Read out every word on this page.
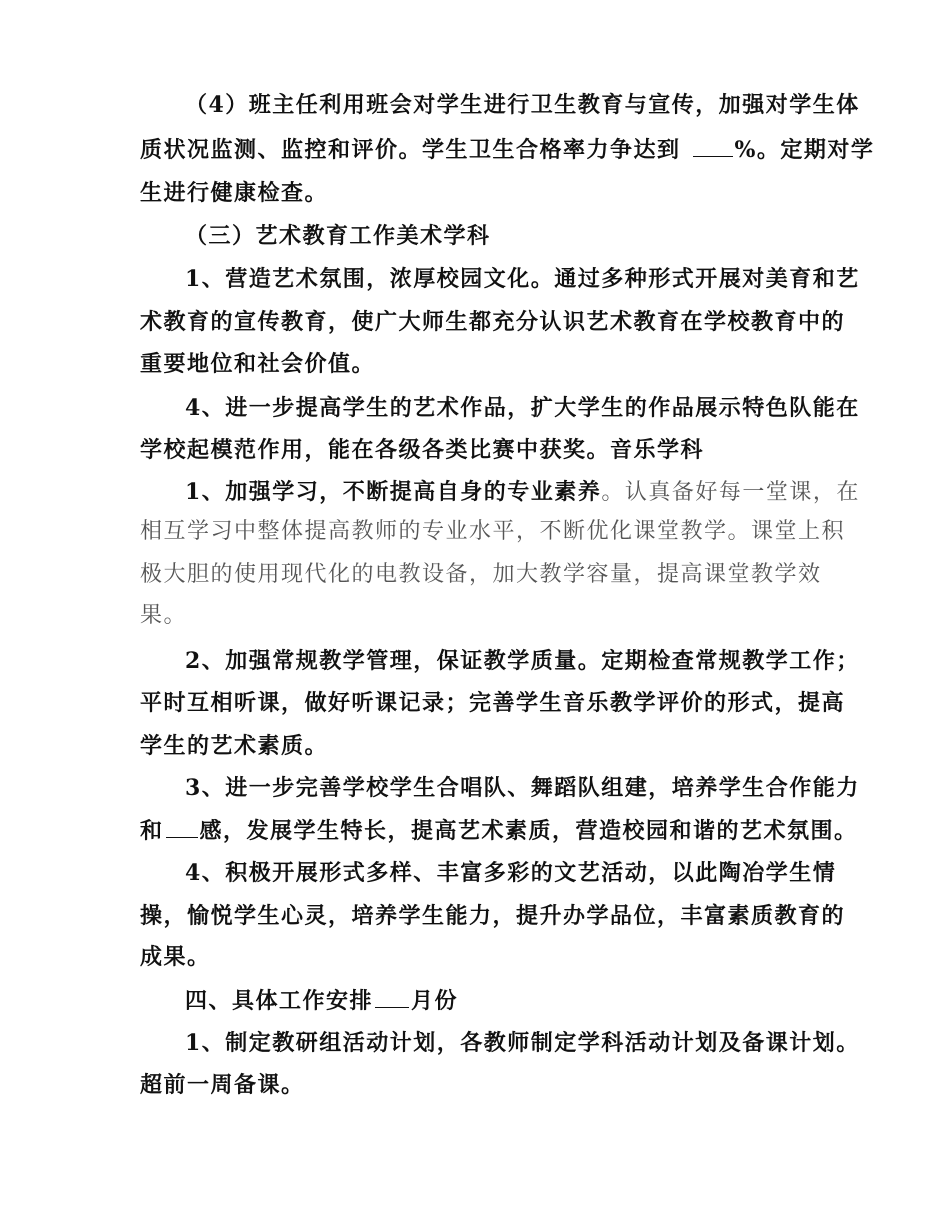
（4）班主任利用班会对学生进行卫生教育与宣传，加强对学生体
质状况监测、监控和评价。学生卫生合格率力争达到 %。定期对学
生进行健康检查。
（三）艺术教育工作美术学科
1、营造艺术氛围，浓厚校园文化。通过多种形式开展对美育和艺
术教育的宣传教育，使广大师生都充分认识艺术教育在学校教育中的
重要地位和社会价值。
4、进一步提高学生的艺术作品，扩大学生的作品展示特色队能在
学校起模范作用，能在各级各类比赛中获奖。音乐学科
1、加强学习，不断提高自身的专业素养。认真备好每一堂课，在
相互学习中整体提高教师的专业水平，不断优化课堂教学。课堂上积
极大胆的使用现代化的电教设备，加大教学容量，提高课堂教学效
果。
2、加强常规教学管理，保证教学质量。定期检查常规教学工作；
平时互相听课，做好听课记录；完善学生音乐教学评价的形式，提高
学生的艺术素质。
3、进一步完善学校学生合唱队、舞蹈队组建，培养学生合作能力
和 感，发展学生特长，提高艺术素质，营造校园和谐的艺术氛围。
4、积极开展形式多样、丰富多彩的文艺活动，以此陶冶学生情
操，愉悦学生心灵，培养学生能力，提升办学品位，丰富素质教育的
成果。
四、具体工作安排 月份
1、制定教研组活动计划，各教师制定学科活动计划及备课计划。
超前一周备课。
